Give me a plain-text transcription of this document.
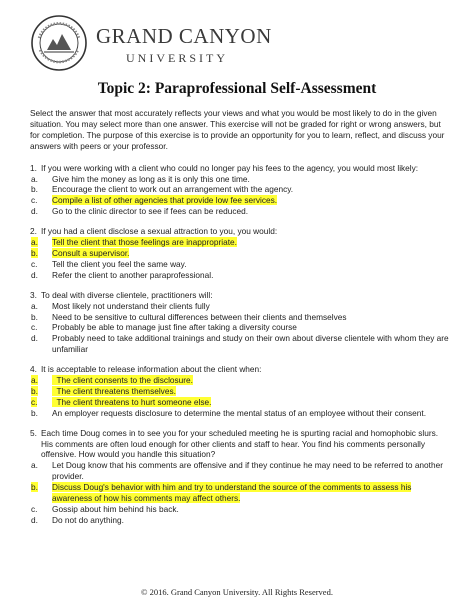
GRAND CANYON
UNIVERSITY
Topic 2: Paraprofessional Self-Assessment

Select the answer that most accurately reflects your views and what you would be most likely to do in the given situation. You may select more than one answer. This exercise will not be graded for right or wrong answers, but for completion. The purpose of this exercise is to provide an opportunity for you to learn, reflect, and discuss your answers with peers or your professor.

1. If you were working with a client who could no longer pay his fees to the agency, you would most likely:
a.	Give him the money as long as it is only this one time.
b.	Encourage the client to work out an arrangement with the agency.
c.	Compile a list of other agencies that provide low fee services.
d.	Go to the clinic director to see if fees can be reduced.
2. If you had a client disclose a sexual attraction to you, you would:
a.	Tell the client that those feelings are inappropriate.
b.	Consult a supervisor.
c.	Tell the client you feel the same way.
d.	Refer the client to another paraprofessional.
3. To deal with diverse clientele, practitioners will:
a.	Most likely not understand their clients fully
b.	Need to be sensitive to cultural differences between their clients and themselves
c.	Probably be able to manage just fine after taking a diversity course
d.	Probably need to take additional trainings and study on their own about diverse clientele with whom they are unfamiliar
4. It is acceptable to release information about the client when:
a.	The client consents to the disclosure.
b.	The client threatens themselves.
c.	The client threatens to hurt someone else.
b.	An employer requests disclosure to determine the mental status of an employee without their consent.
5. Each time Doug comes in to see you for your scheduled meeting he is spurting racial and homophobic slurs. His comments are often loud enough for other clients and staff to hear. You find his comments personally offensive. How would you handle this situation?
a.	Let Doug know that his comments are offensive and if they continue he may need to be referred to another provider.
b.	Discuss Doug's behavior with him and try to understand the source of the comments to assess his awareness of how his comments may affect others.
c.	Gossip about him behind his back.
d.	Do not do anything.
© 2016. Grand Canyon University. All Rights Reserved.
